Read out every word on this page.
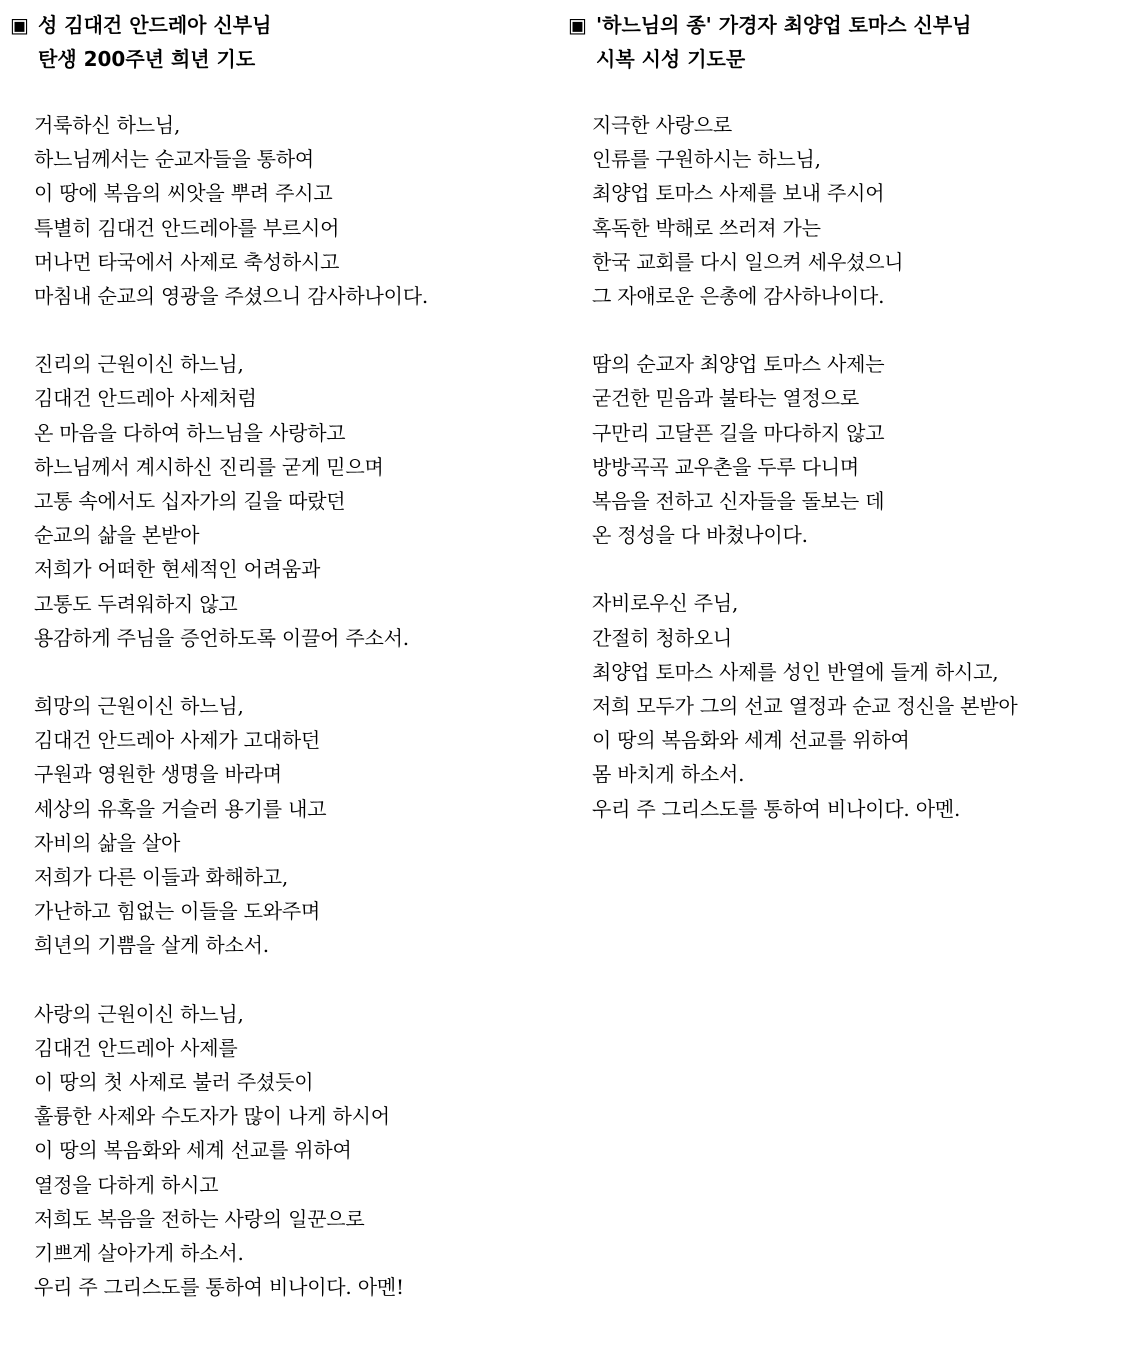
▣ 성 김대건 안드레아 신부님
탄생 200주년 희년 기도
거룩하신 하느님,
하느님께서는 순교자들을 통하여
이 땅에 복음의 씨앗을 뿌려 주시고
특별히 김대건 안드레아를 부르시어
머나먼 타국에서 사제로 축성하시고
마침내 순교의 영광을 주셨으니 감사하나이다.
진리의 근원이신 하느님,
김대건 안드레아 사제처럼
온 마음을 다하여 하느님을 사랑하고
하느님께서 계시하신 진리를 굳게 믿으며
고통 속에서도 십자가의 길을 따랐던
순교의 삶을 본받아
저희가 어떠한 현세적인 어려움과
고통도 두려워하지 않고
용감하게 주님을 증언하도록 이끌어 주소서.
희망의 근원이신 하느님,
김대건 안드레아 사제가 고대하던
구원과 영원한 생명을 바라며
세상의 유혹을 거슬러 용기를 내고
자비의 삶을 살아
저희가 다른 이들과 화해하고,
가난하고 힘없는 이들을 도와주며
희년의 기쁨을 살게 하소서.
사랑의 근원이신 하느님,
김대건 안드레아 사제를
이 땅의 첫 사제로 불러 주셨듯이
훌륭한 사제와 수도자가 많이 나게 하시어
이 땅의 복음화와 세계 선교를 위하여
열정을 다하게 하시고
저희도 복음을 전하는 사랑의 일꾼으로
기쁘게 살아가게 하소서.
우리 주 그리스도를 통하여 비나이다. 아멘!
▣ '하느님의 종' 가경자 최양업 토마스 신부님
시복 시성 기도문
지극한 사랑으로
인류를 구원하시는 하느님,
최양업 토마스 사제를 보내 주시어
혹독한 박해로 쓰러져 가는
한국 교회를 다시 일으켜 세우셨으니
그 자애로운 은총에 감사하나이다.
땀의 순교자 최양업 토마스 사제는
굳건한 믿음과 불타는 열정으로
구만리 고달픈 길을 마다하지 않고
방방곡곡 교우촌을 두루 다니며
복음을 전하고 신자들을 돌보는 데
온 정성을 다 바쳤나이다.
자비로우신 주님,
간절히 청하오니
최양업 토마스 사제를 성인 반열에 들게 하시고,
저희 모두가 그의 선교 열정과 순교 정신을 본받아
이 땅의 복음화와 세계 선교를 위하여
몸 바치게 하소서.
우리 주 그리스도를 통하여 비나이다. 아멘.
